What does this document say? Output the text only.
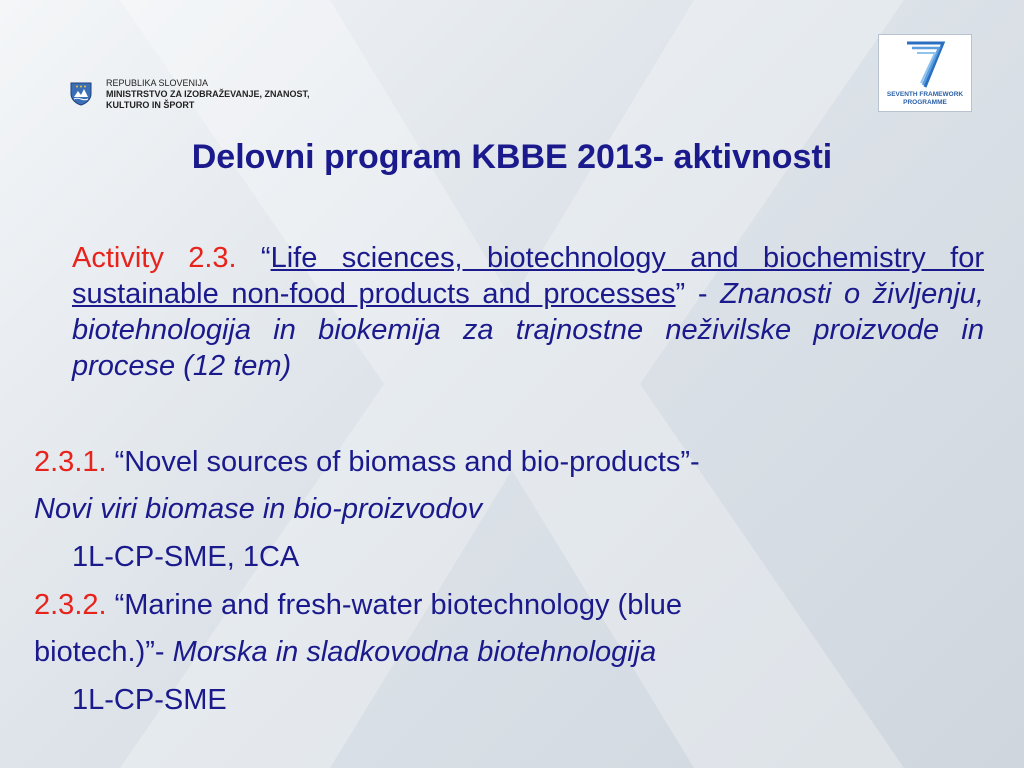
REPUBLIKA SLOVENIJA
MINISTRSTVO ZA IZOBRAŽEVANJE, ZNANOST,
KULTURO IN ŠPORT
SEVENTH FRAMEWORK
PROGRAMME
Delovni program KBBE 2013- aktivnosti
Activity 2.3. “Life sciences, biotechnology and biochemistry for sustainable non-food products and processes” - Znanosti o življenju, biotehnologija in biokemija za trajnostne neživilske proizvode in procese (12 tem)
2.3.1. “Novel sources of biomass and bio-products”-
Novi viri biomase in bio-proizvodov
1L-CP-SME, 1CA
2.3.2. “Marine and fresh-water biotechnology (blue
biotech.)”- Morska in sladkovodna biotehnologija
1L-CP-SME
